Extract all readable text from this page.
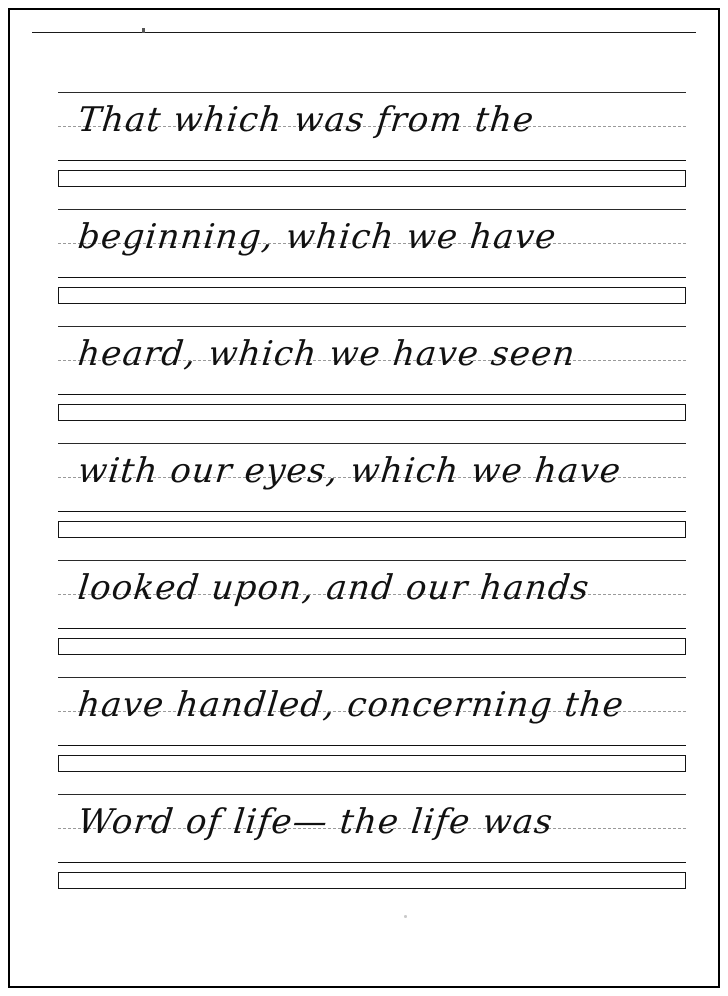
That which was from the
beginning, which we have
heard, which we have seen
with our eyes, which we have
looked upon, and our hands
have handled, concerning the
Word of life— the life was
